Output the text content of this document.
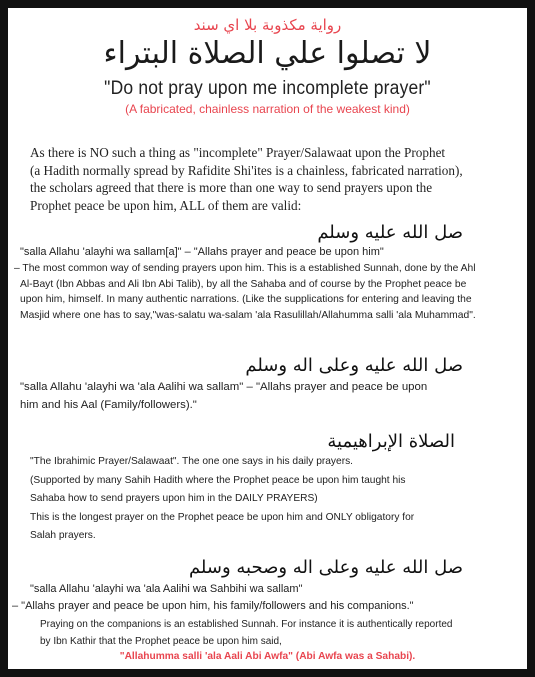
رواية مكذوبة بلا اي سند
لا تصلوا علي الصلاة البتراء
"Do not pray upon me incomplete prayer"
(A fabricated, chainless narration of the weakest kind)
As there is NO such a thing as "incomplete" Prayer/Salawaat upon the Prophet
(a Hadith normally spread by Rafidite Shi'ites is a chainless, fabricated narration),
the scholars agreed that there is more than one way to send prayers upon the
Prophet peace be upon him, ALL of them are valid:
صل الله عليه وسلم
"salla Allahu 'alayhi wa sallam[a]" – "Allahs prayer and peace be upon him"
– The most common way of sending prayers upon him. This is a established Sunnah, done by the Ahl
Al-Bayt (Ibn Abbas and Ali Ibn Abi Talib), by all the Sahaba and of course by the Prophet peace be
upon him, himself. In many authentic narrations. (Like the supplications for entering and leaving the
Masjid where one has to say,"was-salatu wa-salam 'ala Rasulillah/Allahumma salli 'ala Muhammad".
صل الله عليه وعلى اله وسلم
"salla Allahu 'alayhi wa 'ala Aalihi wa sallam" – "Allahs prayer and peace be upon
him and his Aal (Family/followers)."
الصلاة الإبراهيمية
"The Ibrahimic Prayer/Salawaat". The one one says in his daily prayers.
(Supported by many Sahih Hadith where the Prophet peace be upon him taught his
Sahaba how to send prayers upon him in the DAILY PRAYERS)
This is the longest prayer on the Prophet peace be upon him and ONLY obligatory for
Salah prayers.
صل الله عليه وعلى اله وصحبه وسلم
"salla Allahu 'alayhi wa 'ala Aalihi wa Sahbihi wa sallam"
– "Allahs prayer and peace be upon him, his family/followers and his companions."
Praying on the companions is an established Sunnah. For instance it is authentically reported
by Ibn Kathir that the Prophet peace be upon him said,
"Allahumma salli 'ala Aali Abi Awfa" (Abi Awfa was a Sahabi).
